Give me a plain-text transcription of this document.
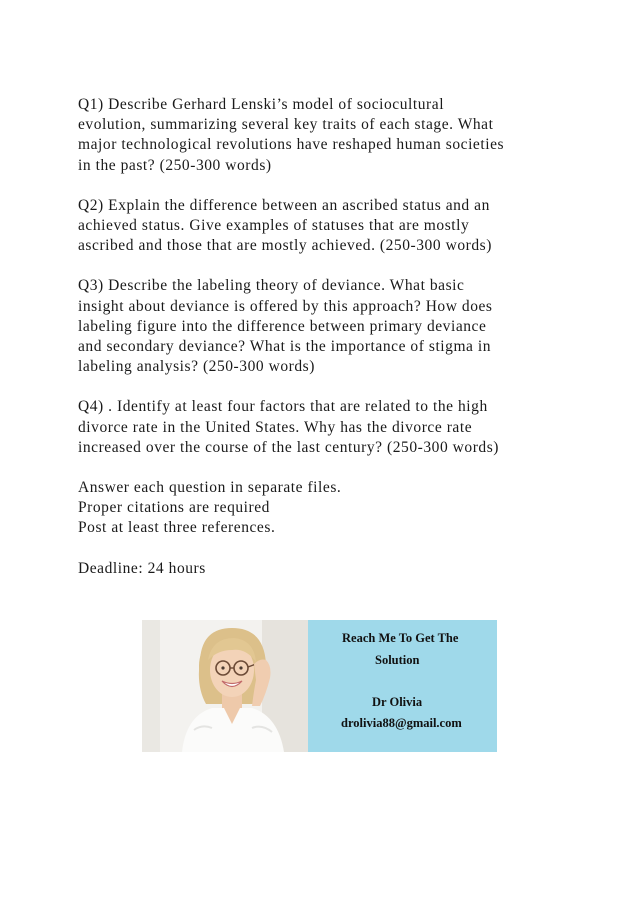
Q1) Describe Gerhard Lenski’s model of sociocultural
evolution, summarizing several key traits of each stage. What
major technological revolutions have reshaped human societies
in the past? (250-300 words)
Q2) Explain the difference between an ascribed status and an
achieved status. Give examples of statuses that are mostly
ascribed and those that are mostly achieved. (250-300 words)
Q3) Describe the labeling theory of deviance. What basic
insight about deviance is offered by this approach? How does
labeling figure into the difference between primary deviance
and secondary deviance? What is the importance of stigma in
labeling analysis? (250-300 words)
Q4) . Identify at least four factors that are related to the high
divorce rate in the United States. Why has the divorce rate
increased over the course of the last century? (250-300 words)
Answer each question in separate files.
Proper citations are required
Post at least three references.
Deadline: 24 hours
Reach Me To Get The
Solution
Dr Olivia
drolivia88@gmail.com
